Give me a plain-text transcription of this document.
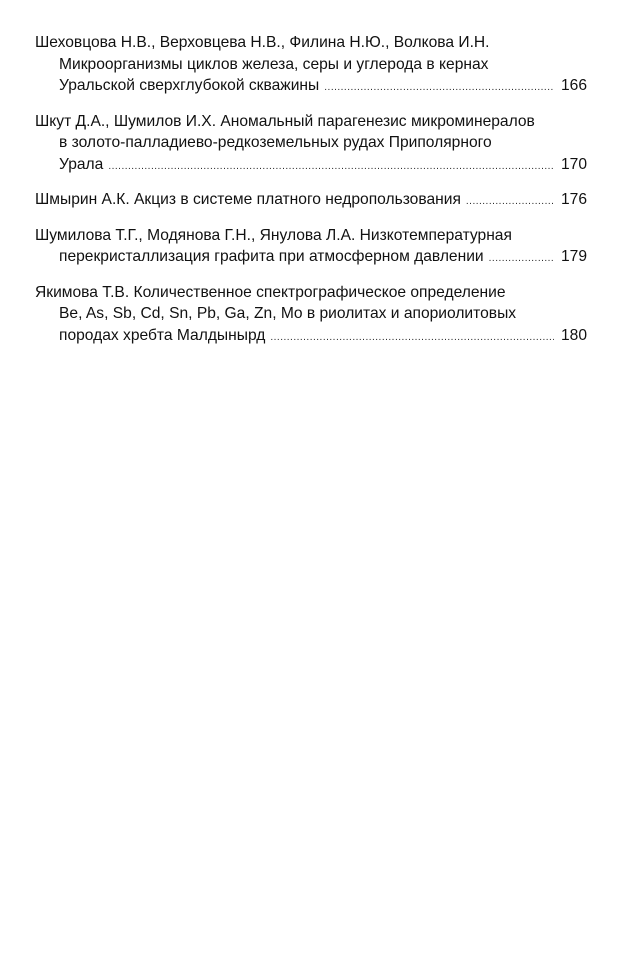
Шеховцова Н.В., Верховцева Н.В., Филина Н.Ю., Волкова И.Н.
Микроорганизмы циклов железа, серы и углерода в кернах
Уральской сверхглубокой скважины .....	166
Шкут Д.А., Шумилов И.Х. Аномальный парагенезис микроминералов
в золото-палладиево-редкоземельных рудах Приполярного
Урала .....	170
Шмырин А.К. Акциз в системе платного недропользования .....	176
Шумилова Т.Г., Модянова Г.Н., Янулова Л.А. Низкотемпературная
перекристаллизация графита при атмосферном давлении .....	179
Якимова Т.В. Количественное спектрографическое определение
Be, As, Sb, Cd, Sn, Pb, Ga, Zn, Mo в риолитах и апориолитовых
породах хребта Малдынырд .....	180
